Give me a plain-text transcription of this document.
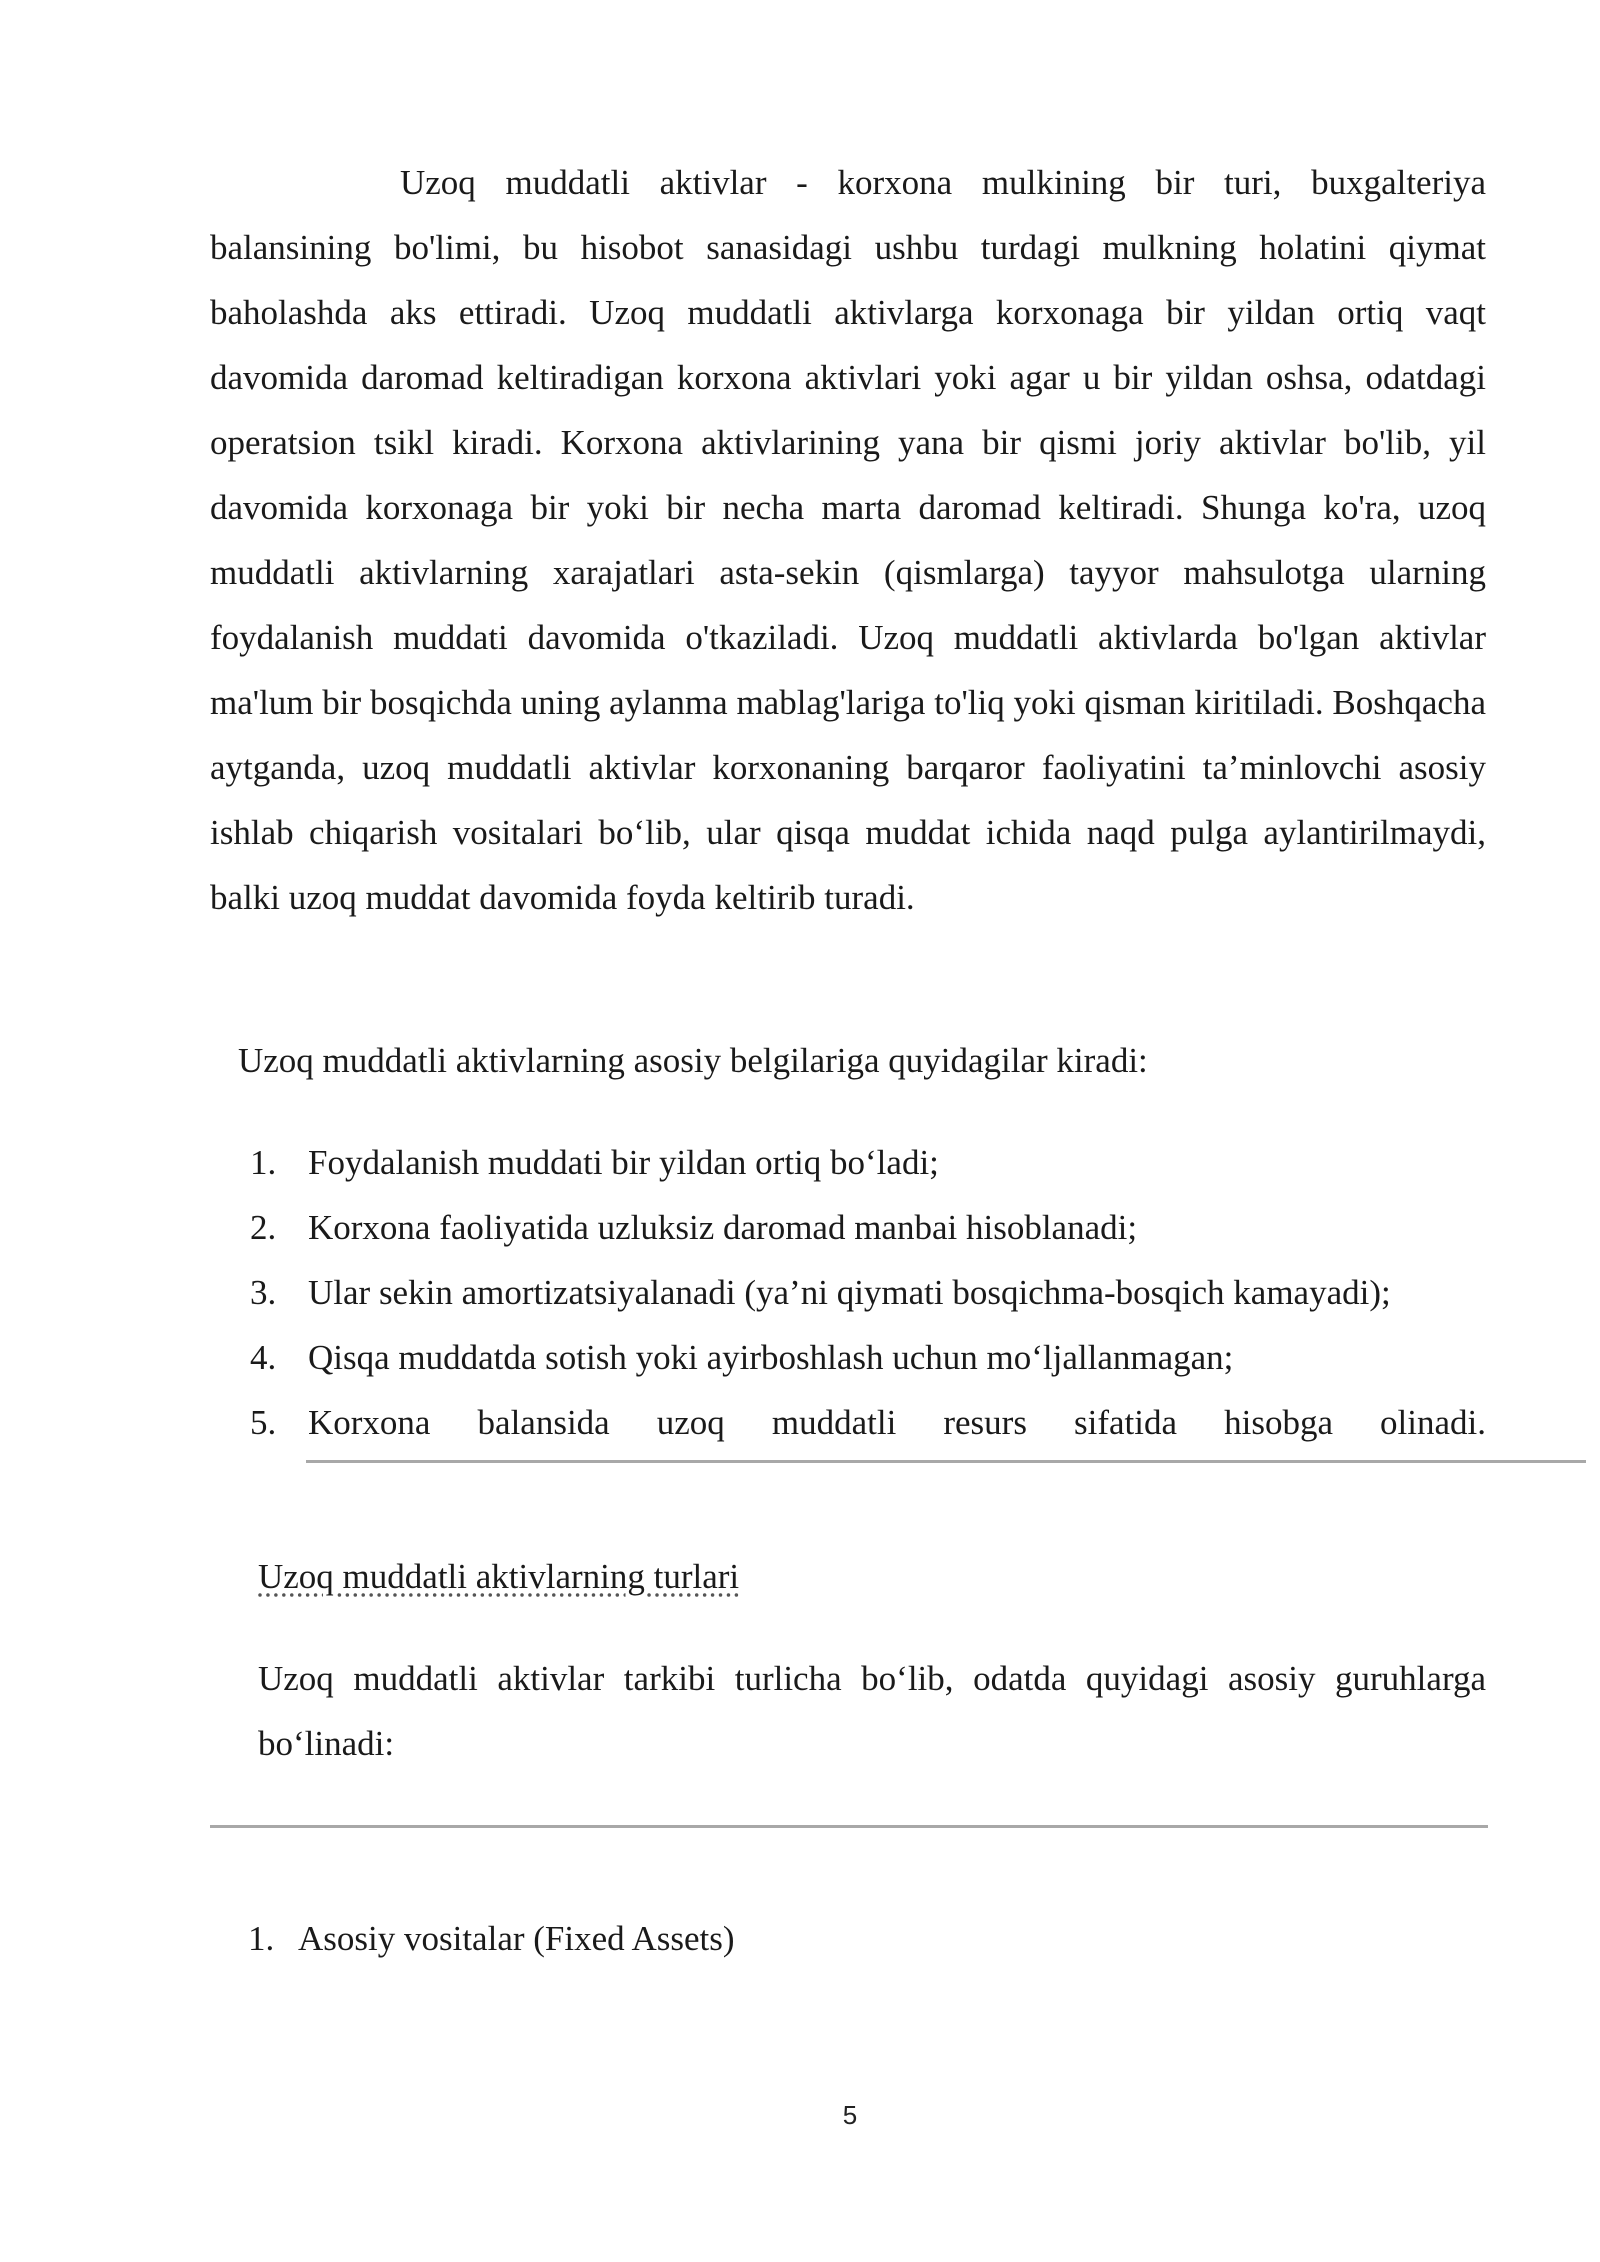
Uzoq muddatli aktivlar - korxona mulkining bir turi, buxgalteriya balansining bo'limi, bu hisobot sanasidagi ushbu turdagi mulkning holatini qiymat baholashda aks ettiradi. Uzoq muddatli aktivlarga korxonaga bir yildan ortiq vaqt davomida daromad keltiradigan korxona aktivlari yoki agar u bir yildan oshsa, odatdagi operatsion tsikl kiradi. Korxona aktivlarining yana bir qismi joriy aktivlar bo'lib, yil davomida korxonaga bir yoki bir necha marta daromad keltiradi. Shunga ko'ra, uzoq muddatli aktivlarning xarajatlari asta-sekin (qismlarga) tayyor mahsulotga ularning foydalanish muddati davomida o'tkaziladi. Uzoq muddatli aktivlarda bo'lgan aktivlar ma'lum bir bosqichda uning aylanma mablag'lariga to'liq yoki qisman kiritiladi. Boshqacha aytganda, uzoq muddatli aktivlar korxonaning barqaror faoliyatini ta’minlovchi asosiy ishlab chiqarish vositalari bo‘lib, ular qisqa muddat ichida naqd pulga aylantirilmaydi, balki uzoq muddat davomida foyda keltirib turadi.

Uzoq muddatli aktivlarning asosiy belgilariga quyidagilar kiradi:

1. Foydalanish muddati bir yildan ortiq bo‘ladi;
2. Korxona faoliyatida uzluksiz daromad manbai hisoblanadi;
3. Ular sekin amortizatsiyalanadi (ya’ni qiymati bosqichma-bosqich kamayadi);
4. Qisqa muddatda sotish yoki ayirboshlash uchun mo‘ljallanmagan;
5. Korxona balansida uzoq muddatli resurs sifatida hisobga olinadi.

Uzoq muddatli aktivlarning turlari

Uzoq muddatli aktivlar tarkibi turlicha bo‘lib, odatda quyidagi asosiy guruhlarga bo‘linadi:

1. Asosiy vositalar (Fixed Assets)

5
